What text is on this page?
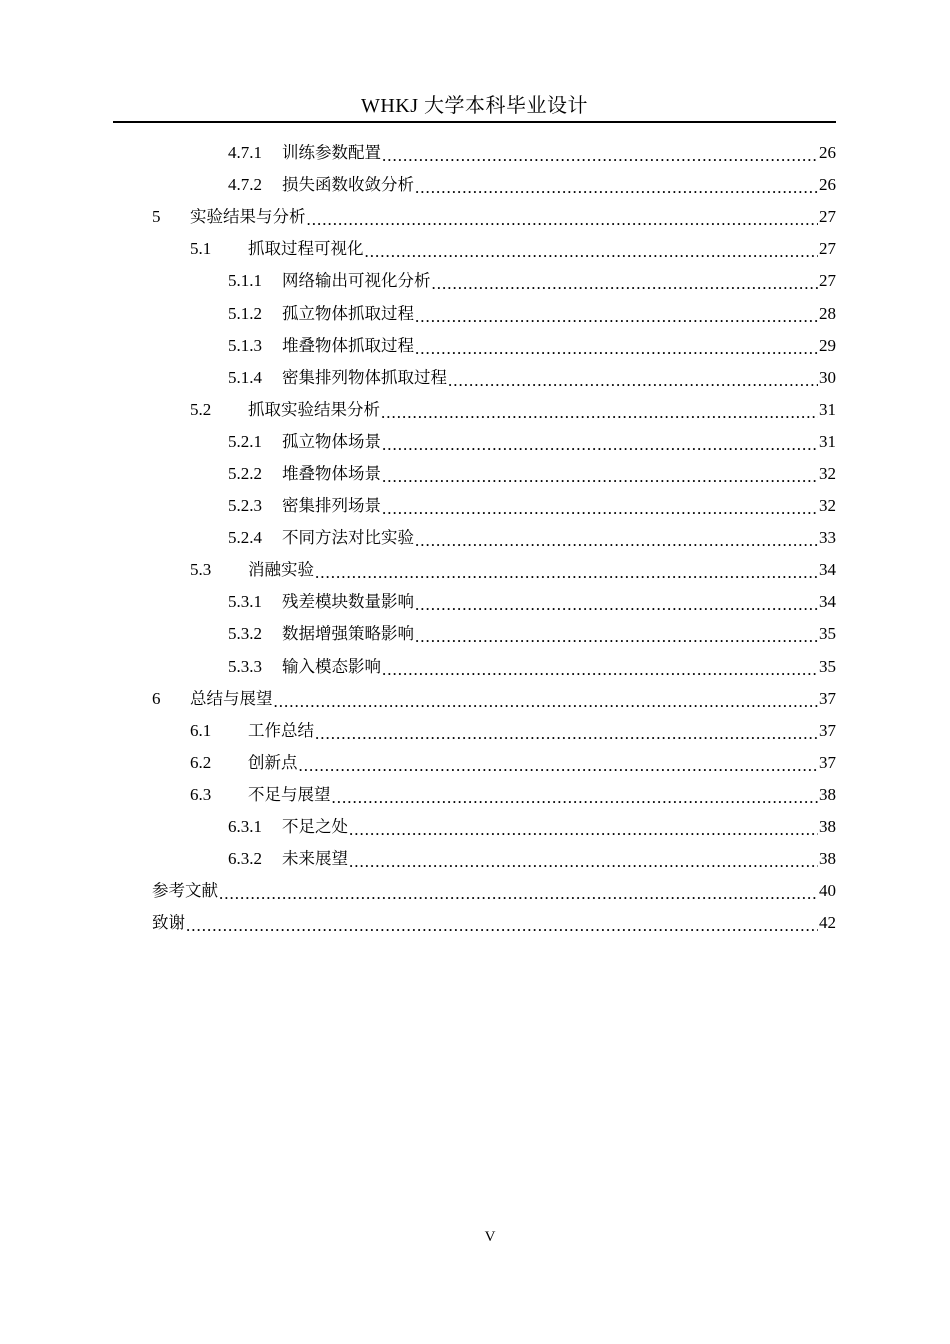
WHKJ 大学本科毕业设计
4.7.1	训练参数配置 .....	26
4.7.2	损失函数收敛分析 .....	26
5	实验结果与分析 .....	27
5.1	抓取过程可视化 .....	27
5.1.1	网络输出可视化分析 .....	27
5.1.2	孤立物体抓取过程 .....	28
5.1.3	堆叠物体抓取过程 .....	29
5.1.4	密集排列物体抓取过程 .....	30
5.2	抓取实验结果分析 .....	31
5.2.1	孤立物体场景 .....	31
5.2.2	堆叠物体场景 .....	32
5.2.3	密集排列场景 .....	32
5.2.4	不同方法对比实验 .....	33
5.3	消融实验 .....	34
5.3.1	残差模块数量影响 .....	34
5.3.2	数据增强策略影响 .....	35
5.3.3	输入模态影响 .....	35
6	总结与展望 .....	37
6.1	工作总结 .....	37
6.2	创新点 .....	37
6.3	不足与展望 .....	38
6.3.1	不足之处 .....	38
6.3.2	未来展望 .....	38
参考文献 .....	40
致谢 .....	42
V
